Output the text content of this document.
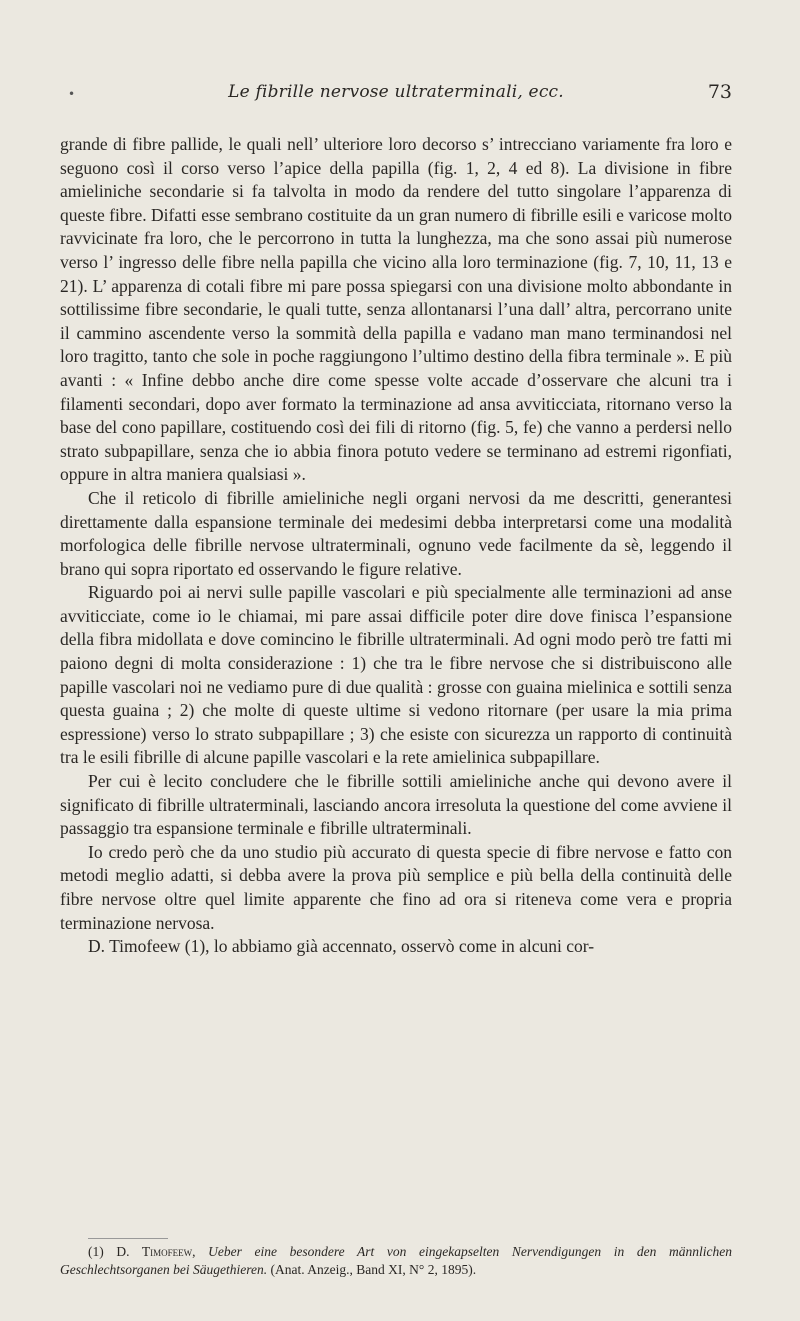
•	Le fibrille nervose ultraterminali, ecc.	73

grande di fibre pallide, le quali nell’ ulteriore loro decorso s’ intrecciano variamente fra loro e seguono così il corso verso l’apice della papilla (fig. 1, 2, 4 ed 8). La divisione in fibre amieliniche secondarie si fa talvolta in modo da rendere del tutto singolare l’apparenza di queste fibre. Difatti esse sembrano costituite da un gran numero di fibrille esili e varicose molto ravvicinate fra loro, che le percorrono in tutta la lunghezza, ma che sono assai più numerose verso l’ ingresso delle fibre nella papilla che vicino alla loro terminazione (fig. 7, 10, 11, 13 e 21). L’ apparenza di cotali fibre mi pare possa spiegarsi con una divisione molto abbondante in sottilissime fibre secondarie, le quali tutte, senza allontanarsi l’una dall’ altra, percorrano unite il cammino ascendente verso la sommità della papilla e vadano man mano terminandosi nel loro tragitto, tanto che sole in poche raggiungono l’ultimo destino della fibra terminale ». E più avanti : « Infine debbo anche dire come spesse volte accade d’osservare che alcuni tra i filamenti secondari, dopo aver formato la terminazione ad ansa avviticciata, ritornano verso la base del cono papillare, costituendo così dei fili di ritorno (fig. 5, fe) che vanno a perdersi nello strato subpapillare, senza che io abbia finora potuto vedere se terminano ad estremi rigonfiati, oppure in altra maniera qualsiasi ».

Che il reticolo di fibrille amieliniche negli organi nervosi da me descritti, generantesi direttamente dalla espansione terminale dei medesimi debba interpretarsi come una modalità morfologica delle fibrille nervose ultraterminali, ognuno vede facilmente da sè, leggendo il brano qui sopra riportato ed osservando le figure relative.

Riguardo poi ai nervi sulle papille vascolari e più specialmente alle terminazioni ad anse avviticciate, come io le chiamai, mi pare assai difficile poter dire dove finisca l’espansione della fibra midollata e dove comincino le fibrille ultraterminali. Ad ogni modo però tre fatti mi paiono degni di molta considerazione : 1) che tra le fibre nervose che si distribuiscono alle papille vascolari noi ne vediamo pure di due qualità : grosse con guaina mielinica e sottili senza questa guaina ; 2) che molte di queste ultime si vedono ritornare (per usare la mia prima espressione) verso lo strato subpapillare ; 3) che esiste con sicurezza un rapporto di continuità tra le esili fibrille di alcune papille vascolari e la rete amielinica subpapillare.

Per cui è lecito concludere che le fibrille sottili amieliniche anche qui devono avere il significato di fibrille ultraterminali, lasciando ancora irresoluta la questione del come avviene il passaggio tra espansione terminale e fibrille ultraterminali.

Io credo però che da uno studio più accurato di questa specie di fibre nervose e fatto con metodi meglio adatti, si debba avere la prova più semplice e più bella della continuità delle fibre nervose oltre quel limite apparente che fino ad ora si riteneva come vera e propria terminazione nervosa.

D. Timofeew (1), lo abbiamo già accennato, osservò come in alcuni cor-

(1) D. Timofeew, Ueber eine besondere Art von eingekapselten Nervendigungen in den männlichen Geschlechtsorganen bei Säugethieren. (Anat. Anzeig., Band XI, N° 2, 1895).
